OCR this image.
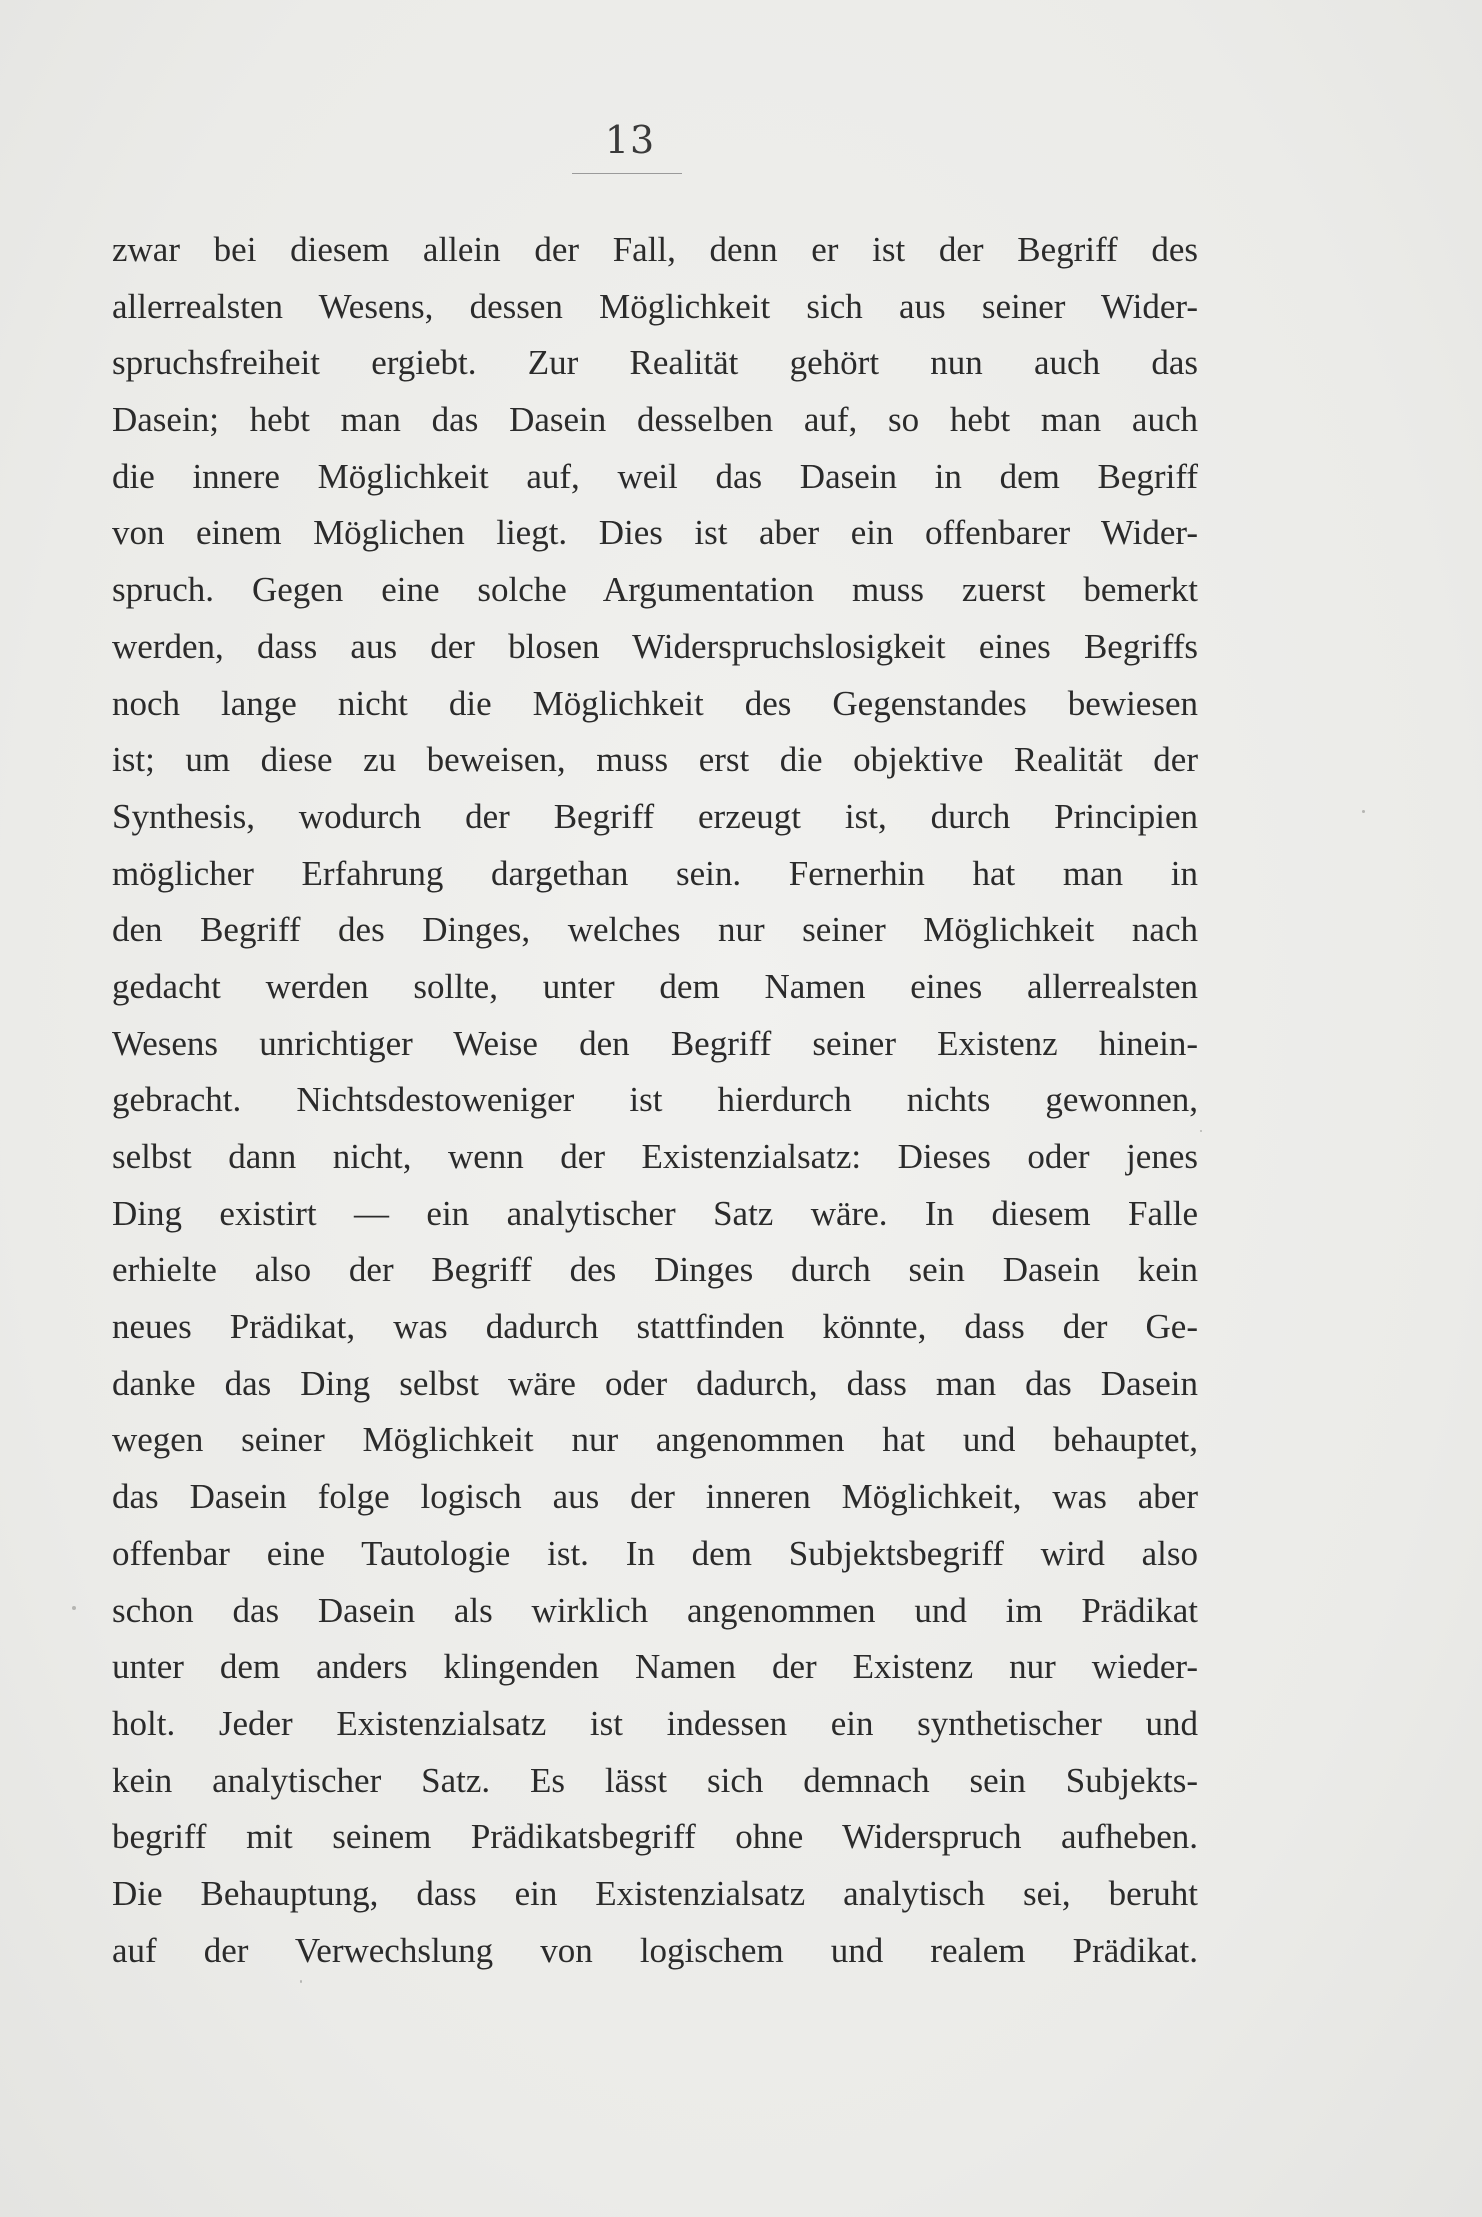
13
zwar bei diesem allein der Fall, denn er ist der Begriff des
allerrealsten Wesens, dessen Möglichkeit sich aus seiner Wider-
spruchsfreiheit ergiebt. Zur Realität gehört nun auch das
Dasein; hebt man das Dasein desselben auf, so hebt man auch
die innere Möglichkeit auf, weil das Dasein in dem Begriff
von einem Möglichen liegt. Dies ist aber ein offenbarer Wider-
spruch. Gegen eine solche Argumentation muss zuerst bemerkt
werden, dass aus der blosen Widerspruchslosigkeit eines Begriffs
noch lange nicht die Möglichkeit des Gegenstandes bewiesen
ist; um diese zu beweisen, muss erst die objektive Realität der
Synthesis, wodurch der Begriff erzeugt ist, durch Principien
möglicher Erfahrung dargethan sein. Fernerhin hat man in
den Begriff des Dinges, welches nur seiner Möglichkeit nach
gedacht werden sollte, unter dem Namen eines allerrealsten
Wesens unrichtiger Weise den Begriff seiner Existenz hinein-
gebracht. Nichtsdestoweniger ist hierdurch nichts gewonnen,
selbst dann nicht, wenn der Existenzialsatz: Dieses oder jenes
Ding existirt — ein analytischer Satz wäre. In diesem Falle
erhielte also der Begriff des Dinges durch sein Dasein kein
neues Prädikat, was dadurch stattfinden könnte, dass der Ge-
danke das Ding selbst wäre oder dadurch, dass man das Dasein
wegen seiner Möglichkeit nur angenommen hat und behauptet,
das Dasein folge logisch aus der inneren Möglichkeit, was aber
offenbar eine Tautologie ist. In dem Subjektsbegriff wird also
schon das Dasein als wirklich angenommen und im Prädikat
unter dem anders klingenden Namen der Existenz nur wieder-
holt. Jeder Existenzialsatz ist indessen ein synthetischer und
kein analytischer Satz. Es lässt sich demnach sein Subjekts-
begriff mit seinem Prädikatsbegriff ohne Widerspruch aufheben.
Die Behauptung, dass ein Existenzialsatz analytisch sei, beruht
auf der Verwechslung von logischem und realem Prädikat.
